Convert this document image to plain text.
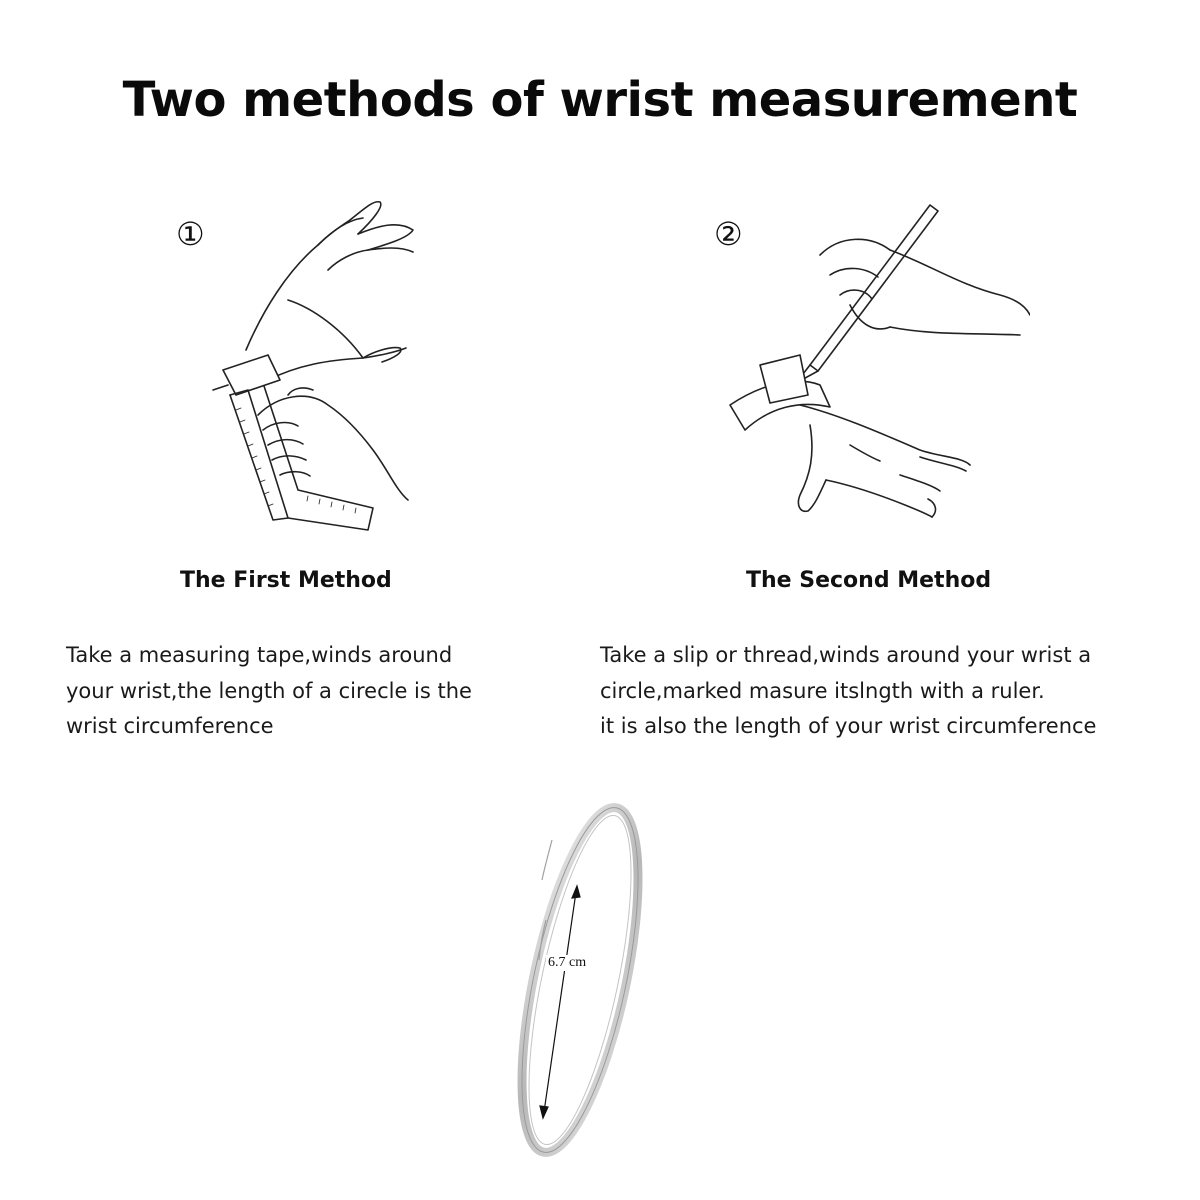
Two methods of wrist measurement
①	②
The First Method	The Second Method

Take a measuring tape,winds around
your wrist,the length of a cirecle is the
wrist circumference

Take a slip or thread,winds around your wrist a
circle,marked masure itslngth with a ruler.
it is also the length of your wrist circumference

6.7 cm
